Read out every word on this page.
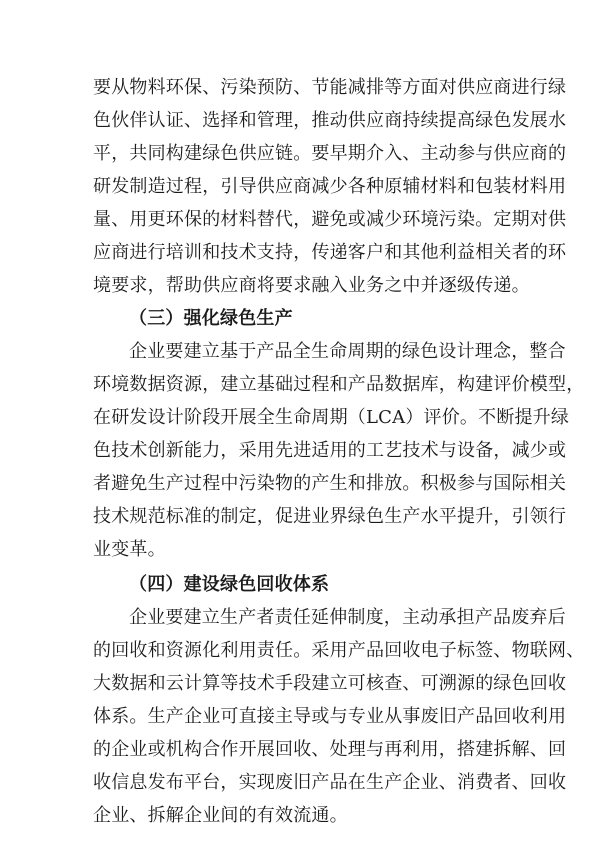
要从物料环保、污染预防、节能减排等方面对供应商进行绿
色伙伴认证、选择和管理，推动供应商持续提高绿色发展水
平，共同构建绿色供应链。要早期介入、主动参与供应商的
研发制造过程，引导供应商减少各种原辅材料和包装材料用
量、用更环保的材料替代，避免或减少环境污染。定期对供
应商进行培训和技术支持，传递客户和其他利益相关者的环
境要求，帮助供应商将要求融入业务之中并逐级传递。
（三）强化绿色生产
企业要建立基于产品全生命周期的绿色设计理念，整合
环境数据资源，建立基础过程和产品数据库，构建评价模型，
在研发设计阶段开展全生命周期（LCA）评价。不断提升绿
色技术创新能力，采用先进适用的工艺技术与设备，减少或
者避免生产过程中污染物的产生和排放。积极参与国际相关
技术规范标准的制定，促进业界绿色生产水平提升，引领行
业变革。
（四）建设绿色回收体系
企业要建立生产者责任延伸制度，主动承担产品废弃后
的回收和资源化利用责任。采用产品回收电子标签、物联网、
大数据和云计算等技术手段建立可核查、可溯源的绿色回收
体系。生产企业可直接主导或与专业从事废旧产品回收利用
的企业或机构合作开展回收、处理与再利用，搭建拆解、回
收信息发布平台，实现废旧产品在生产企业、消费者、回收
企业、拆解企业间的有效流通。
